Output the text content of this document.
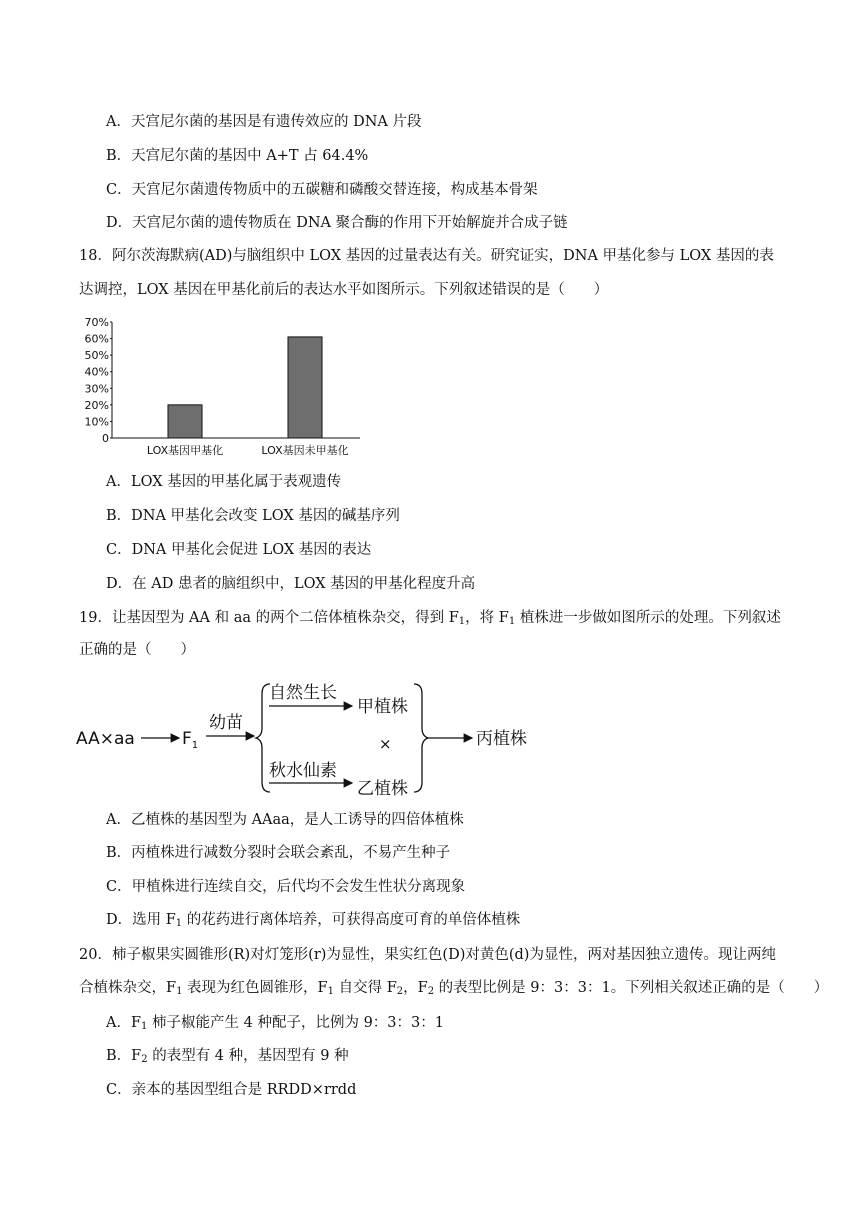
A．天宫尼尔菌的基因是有遗传效应的 DNA 片段
B．天宫尼尔菌的基因中 A+T 占 64.4%
C．天宫尼尔菌遗传物质中的五碳糖和磷酸交替连接，构成基本骨架
D．天宫尼尔菌的遗传物质在 DNA 聚合酶的作用下开始解旋并合成子链
18．阿尔茨海默病(AD)与脑组织中 LOX 基因的过量表达有关。研究证实，DNA 甲基化参与 LOX 基因的表
达调控，LOX 基因在甲基化前后的表达水平如图所示。下列叙述错误的是（　　）
0
10%
20%
30%
40%
50%
60%
70%
LOX基因甲基化	LOX基因未甲基化
A．LOX 基因的甲基化属于表观遗传
B．DNA 甲基化会改变 LOX 基因的碱基序列
C．DNA 甲基化会促进 LOX 基因的表达
D．在 AD 患者的脑组织中，LOX 基因的甲基化程度升高
19．让基因型为 AA 和 aa 的两个二倍体植株杂交，得到 $F_1$，将 $F_1$ 植株进一步做如图所示的处理。下列叙述
正确的是（　　）
AA×aa	$F_1$
幼苗
自然生长
甲植株
×
秋水仙素
乙植株
丙植株
A．乙植株的基因型为 AAaa，是人工诱导的四倍体植株
B．丙植株进行减数分裂时会联会紊乱，不易产生种子
C．甲植株进行连续自交，后代均不会发生性状分离现象
D．选用 $F_1$ 的花药进行离体培养，可获得高度可育的单倍体植株
20．柿子椒果实圆锥形(R)对灯笼形(r)为显性，果实红色(D)对黄色(d)为显性，两对基因独立遗传。现让两纯
合植株杂交，$F_1$ 表现为红色圆锥形，$F_1$ 自交得 $F_2$，$F_2$ 的表型比例是 9：3：3：1。下列相关叙述正确的是（　　）
A．$F_1$ 柿子椒能产生 4 种配子，比例为 9：3：3：1
B．$F_2$ 的表型有 4 种，基因型有 9 种
C．亲本的基因型组合是 RRDD×rrdd
